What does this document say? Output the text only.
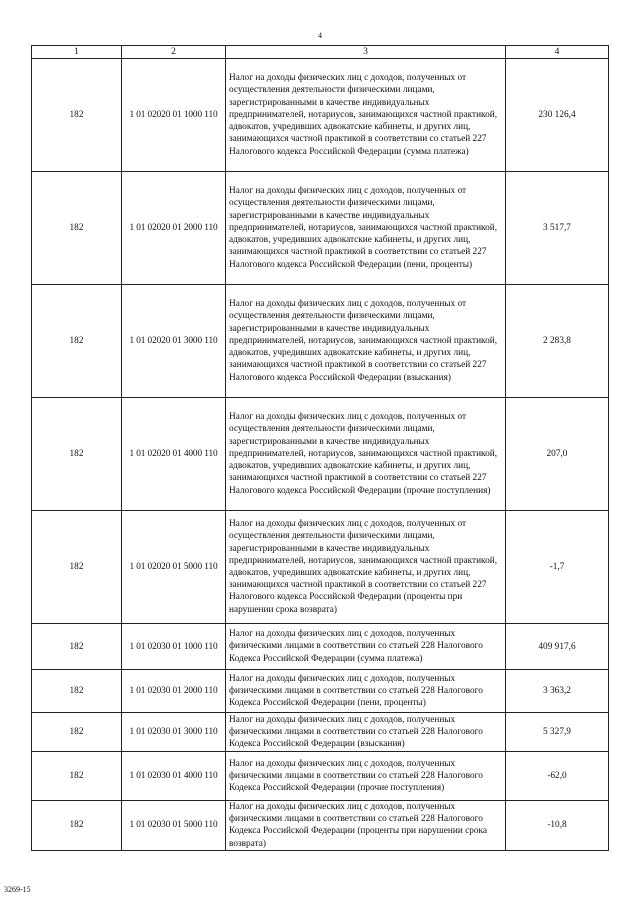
4
1	2	3	4
182	1 01 02020 01 1000 110	Налог на доходы физических лиц с доходов, полученных от осуществления деятельности физическими лицами, зарегистрированными в качестве индивидуальных предпринимателей, нотариусов, занимающихся частной практикой, адвокатов, учредивших адвокатские кабинеты, и других лиц, занимающихся частной практикой в соответствии со статьей 227 Налогового кодекса Российской Федерации (сумма платежа)	230 126,4
182	1 01 02020 01 2000 110	Налог на доходы физических лиц с доходов, полученных от осуществления деятельности физическими лицами, зарегистрированными в качестве индивидуальных предпринимателей, нотариусов, занимающихся частной практикой, адвокатов, учредивших адвокатские кабинеты, и других лиц, занимающихся частной практикой в соответствии со статьей 227 Налогового кодекса Российской Федерации (пени, проценты)	3 517,7
182	1 01 02020 01 3000 110	Налог на доходы физических лиц с доходов, полученных от осуществления деятельности физическими лицами, зарегистрированными в качестве индивидуальных предпринимателей, нотариусов, занимающихся частной практикой, адвокатов, учредивших адвокатские кабинеты, и других лиц, занимающихся частной практикой в соответствии со статьей 227 Налогового кодекса Российской Федерации (взыскания)	2 283,8
182	1 01 02020 01 4000 110	Налог на доходы физических лиц с доходов, полученных от осуществления деятельности физическими лицами, зарегистрированными в качестве индивидуальных предпринимателей, нотариусов, занимающихся частной практикой, адвокатов, учредивших адвокатские кабинеты, и других лиц, занимающихся частной практикой в соответствии со статьей 227 Налогового кодекса Российской Федерации (прочие поступления)	207,0
182	1 01 02020 01 5000 110	Налог на доходы физических лиц с доходов, полученных от осуществления деятельности физическими лицами, зарегистрированными в качестве индивидуальных предпринимателей, нотариусов, занимающихся частной практикой, адвокатов, учредивших адвокатские кабинеты, и других лиц, занимающихся частной практикой в соответствии со статьей 227 Налогового кодекса Российской Федерации (проценты при нарушении срока возврата)	-1,7
182	1 01 02030 01 1000 110	Налог на доходы физических лиц с доходов, полученных физическими лицами в соответствии со статьей 228 Налогового Кодекса Российской Федерации (сумма платежа)	409 917,6
182	1 01 02030 01 2000 110	Налог на доходы физических лиц с доходов, полученных физическими лицами в соответствии со статьей 228 Налогового Кодекса Российской Федерации (пени, проценты)	3 363,2
182	1 01 02030 01 3000 110	Налог на доходы физических лиц с доходов, полученных физическими лицами в соответствии со статьей 228 Налогового Кодекса Российской Федерации (взыскания)	5 327,9
182	1 01 02030 01 4000 110	Налог на доходы физических лиц с доходов, полученных физическими лицами в соответствии со статьей 228 Налогового Кодекса Российской Федерации (прочие поступления)	-62,0
182	1 01 02030 01 5000 110	Налог на доходы физических лиц с доходов, полученных физическими лицами в соответствии со статьей 228 Налогового Кодекса Российской Федерации (проценты при нарушении срока возврата)	-10,8
3269-15
